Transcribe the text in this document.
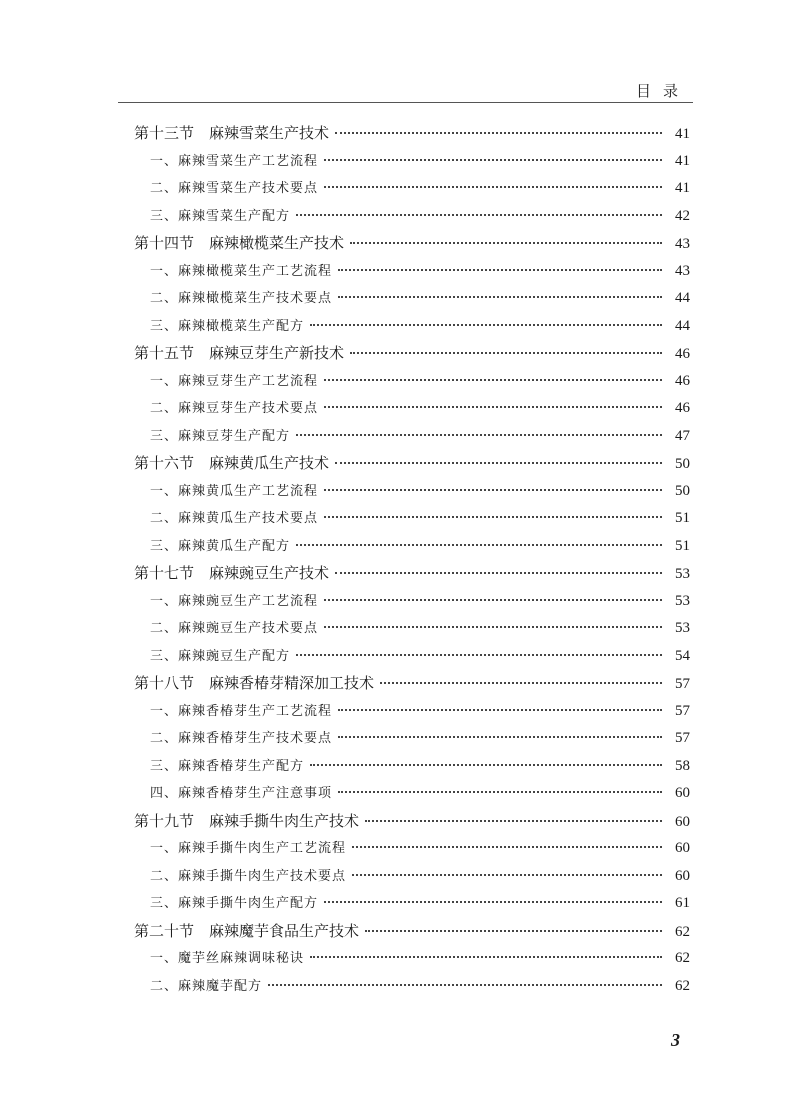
目录
第十三节　麻辣雪菜生产技术	41
一、麻辣雪菜生产工艺流程	41
二、麻辣雪菜生产技术要点	41
三、麻辣雪菜生产配方	42
第十四节　麻辣橄榄菜生产技术	43
一、麻辣橄榄菜生产工艺流程	43
二、麻辣橄榄菜生产技术要点	44
三、麻辣橄榄菜生产配方	44
第十五节　麻辣豆芽生产新技术	46
一、麻辣豆芽生产工艺流程	46
二、麻辣豆芽生产技术要点	46
三、麻辣豆芽生产配方	47
第十六节　麻辣黄瓜生产技术	50
一、麻辣黄瓜生产工艺流程	50
二、麻辣黄瓜生产技术要点	51
三、麻辣黄瓜生产配方	51
第十七节　麻辣豌豆生产技术	53
一、麻辣豌豆生产工艺流程	53
二、麻辣豌豆生产技术要点	53
三、麻辣豌豆生产配方	54
第十八节　麻辣香椿芽精深加工技术	57
一、麻辣香椿芽生产工艺流程	57
二、麻辣香椿芽生产技术要点	57
三、麻辣香椿芽生产配方	58
四、麻辣香椿芽生产注意事项	60
第十九节　麻辣手撕牛肉生产技术	60
一、麻辣手撕牛肉生产工艺流程	60
二、麻辣手撕牛肉生产技术要点	60
三、麻辣手撕牛肉生产配方	61
第二十节　麻辣魔芋食品生产技术	62
一、魔芋丝麻辣调味秘诀	62
二、麻辣魔芋配方	62
3
